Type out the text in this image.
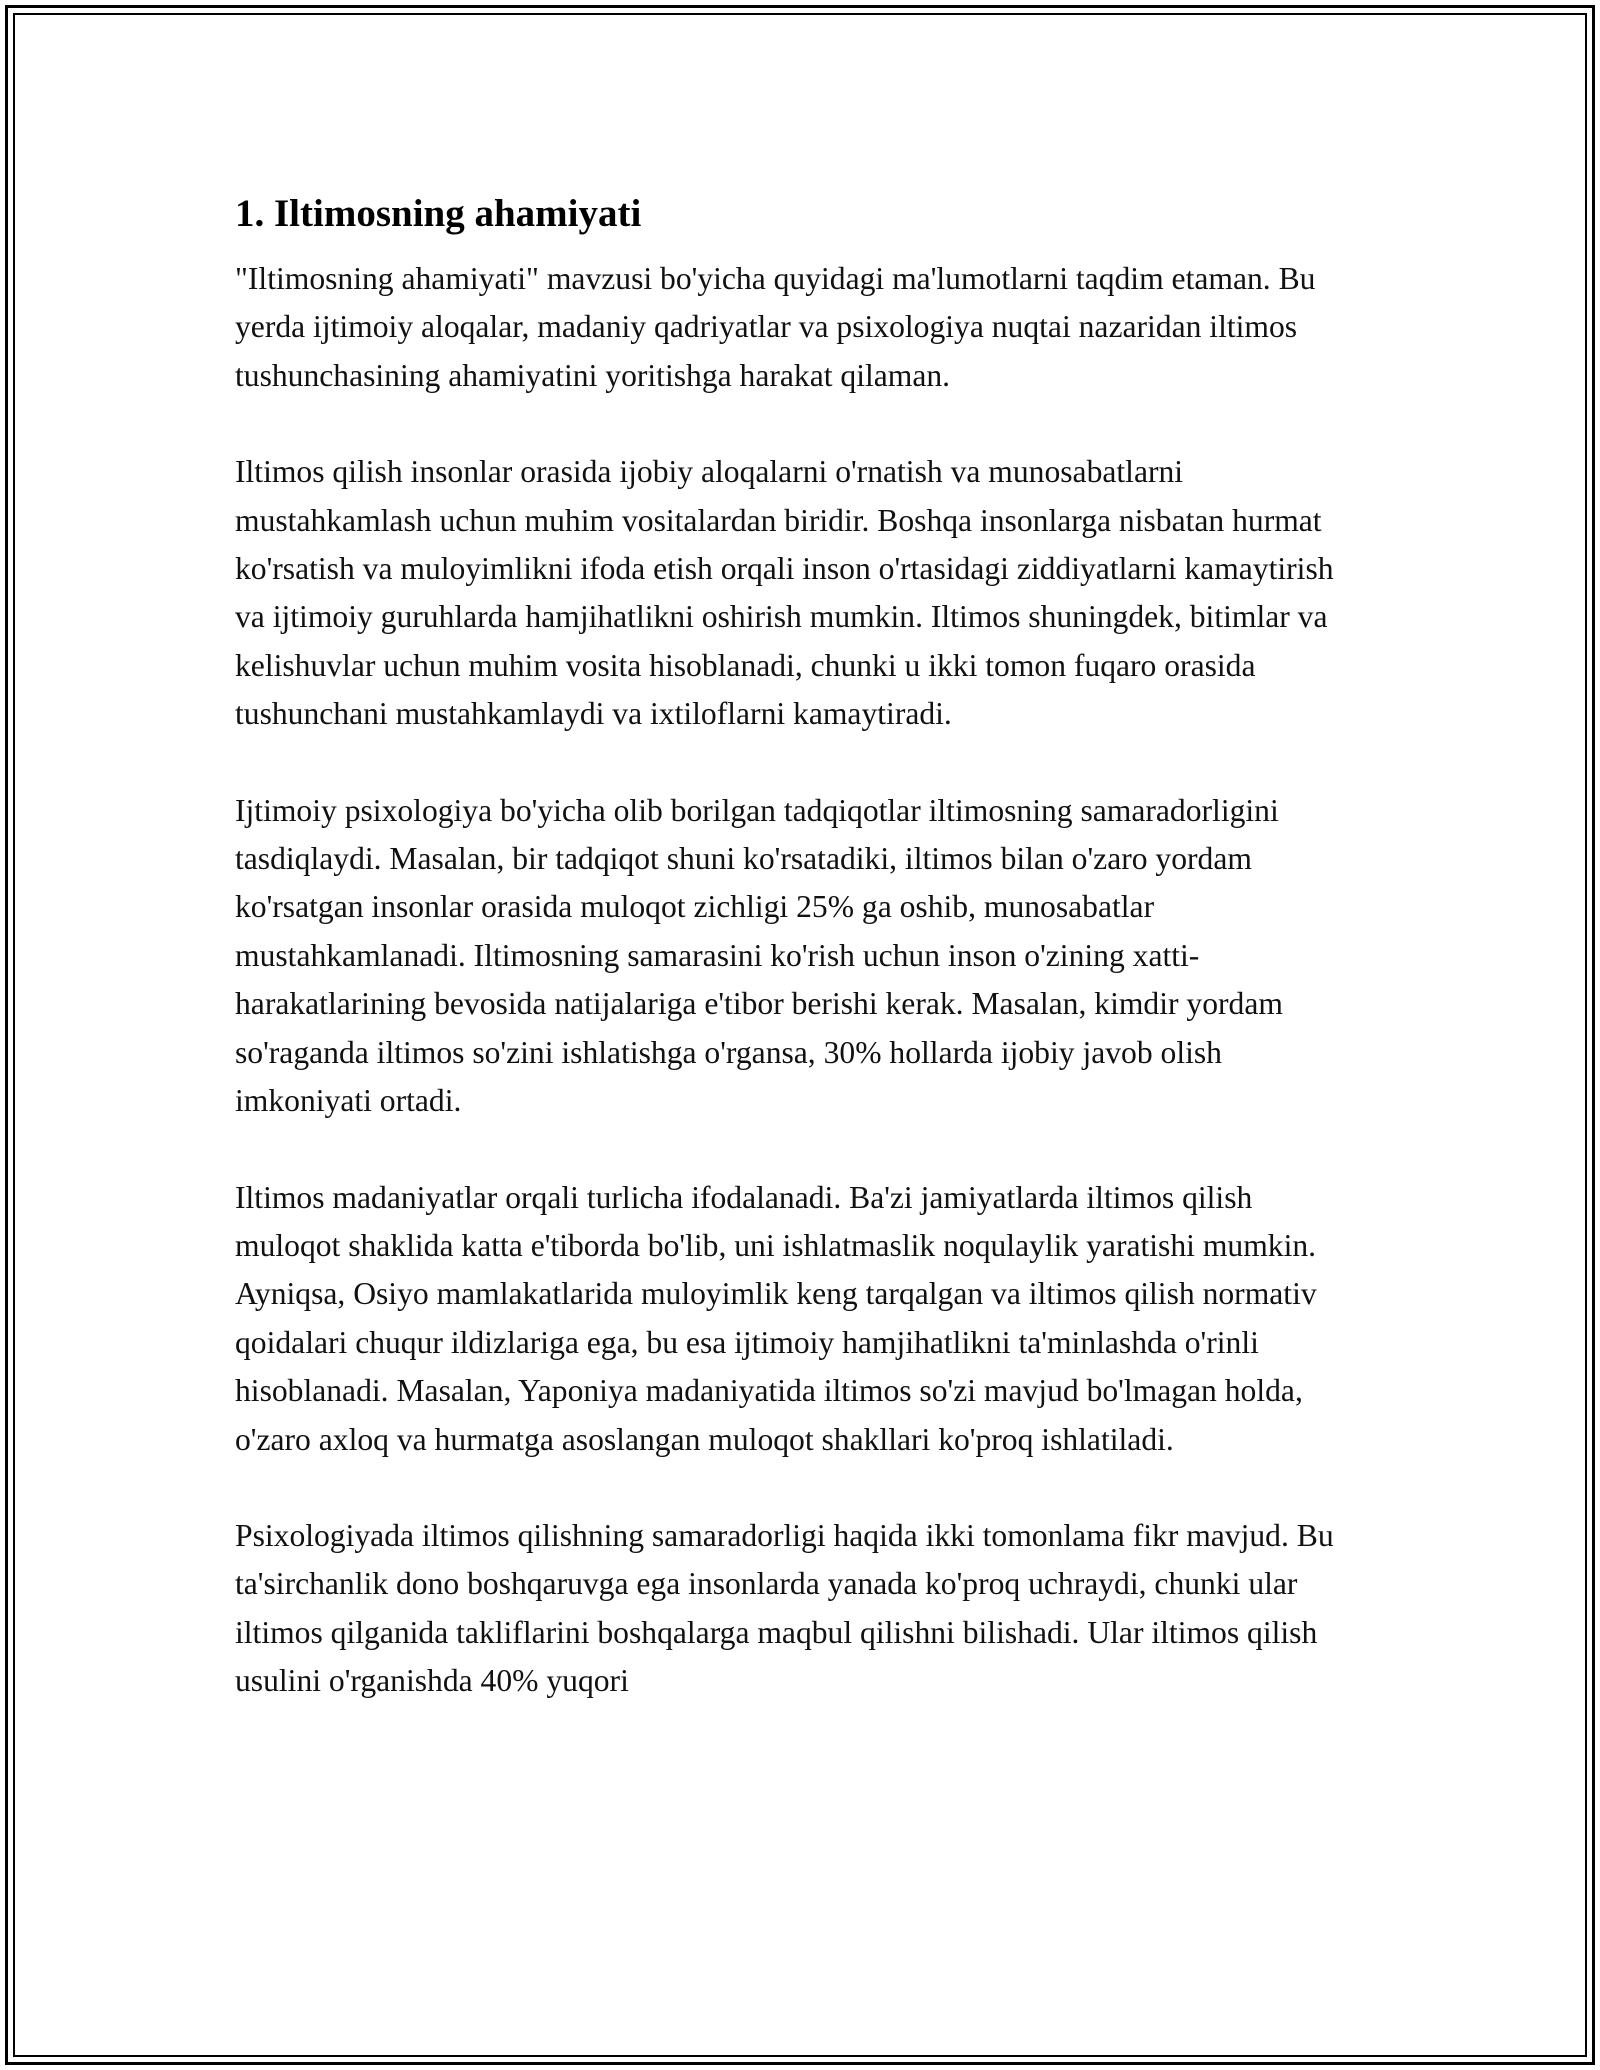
1. Iltimosning ahamiyati

"Iltimosning ahamiyati" mavzusi bo'yicha quyidagi ma'lumotlarni taqdim etaman. Bu yerda ijtimoiy aloqalar, madaniy qadriyatlar va psixologiya nuqtai nazaridan iltimos tushunchasining ahamiyatini yoritishga harakat qilaman.

Iltimos qilish insonlar orasida ijobiy aloqalarni o'rnatish va munosabatlarni mustahkamlash uchun muhim vositalardan biridir. Boshqa insonlarga nisbatan hurmat ko'rsatish va muloyimlikni ifoda etish orqali inson o'rtasidagi ziddiyatlarni kamaytirish va ijtimoiy guruhlarda hamjihatlikni oshirish mumkin. Iltimos shuningdek, bitimlar va kelishuvlar uchun muhim vosita hisoblanadi, chunki u ikki tomon fuqaro orasida tushunchani mustahkamlaydi va ixtiloflarni kamaytiradi.

Ijtimoiy psixologiya bo'yicha olib borilgan tadqiqotlar iltimosning samaradorligini tasdiqlaydi. Masalan, bir tadqiqot shuni ko'rsatadiki, iltimos bilan o'zaro yordam ko'rsatgan insonlar orasida muloqot zichligi 25% ga oshib, munosabatlar mustahkamlanadi. Iltimosning samarasini ko'rish uchun inson o'zining xatti-harakatlarining bevosida natijalariga e'tibor berishi kerak. Masalan, kimdir yordam so'raganda iltimos so'zini ishlatishga o'rgansa, 30% hollarda ijobiy javob olish imkoniyati ortadi.

Iltimos madaniyatlar orqali turlicha ifodalanadi. Ba'zi jamiyatlarda iltimos qilish muloqot shaklida katta e'tiborda bo'lib, uni ishlatmaslik noqulaylik yaratishi mumkin. Ayniqsa, Osiyo mamlakatlarida muloyimlik keng tarqalgan va iltimos qilish normativ qoidalari chuqur ildizlariga ega, bu esa ijtimoiy hamjihatlikni ta'minlashda o'rinli hisoblanadi. Masalan, Yaponiya madaniyatida iltimos so'zi mavjud bo'lmagan holda, o'zaro axloq va hurmatga asoslangan muloqot shakllari ko'proq ishlatiladi.

Psixologiyada iltimos qilishning samaradorligi haqida ikki tomonlama fikr mavjud. Bu ta'sirchanlik dono boshqaruvga ega insonlarda yanada ko'proq uchraydi, chunki ular iltimos qilganida takliflarini boshqalarga maqbul qilishni bilishadi. Ular iltimos qilish usulini o'rganishda 40% yuqori
